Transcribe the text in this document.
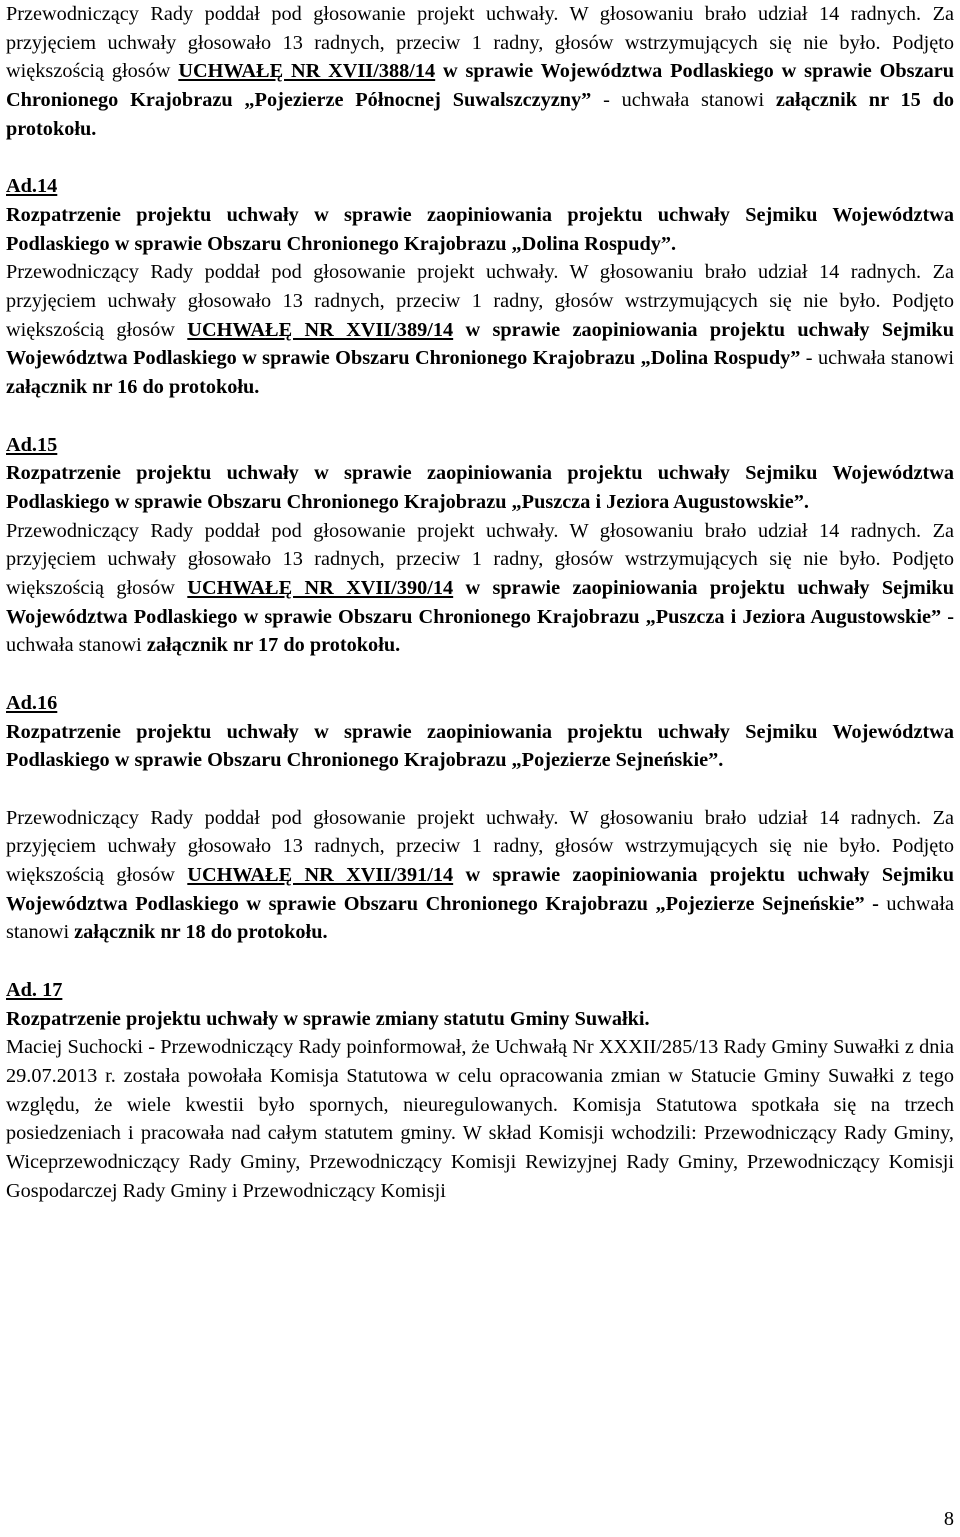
Przewodniczący Rady poddał pod głosowanie projekt uchwały. W głosowaniu brało udział 14 radnych. Za przyjęciem uchwały głosowało 13 radnych, przeciw 1 radny, głosów wstrzymujących się nie było. Podjęto większością głosów UCHWAŁĘ NR XVII/388/14 w sprawie Województwa Podlaskiego w sprawie Obszaru Chronionego Krajobrazu „Pojezierze Północnej Suwalszczyzny” - uchwała stanowi załącznik nr 15 do protokołu.

Ad.14
Rozpatrzenie projektu uchwały w sprawie zaopiniowania projektu uchwały Sejmiku Województwa Podlaskiego w sprawie Obszaru Chronionego Krajobrazu „Dolina Rospudy”.
Przewodniczący Rady poddał pod głosowanie projekt uchwały. W głosowaniu brało udział 14 radnych. Za przyjęciem uchwały głosowało 13 radnych, przeciw 1 radny, głosów wstrzymujących się nie było. Podjęto większością głosów UCHWAŁĘ NR XVII/389/14 w sprawie zaopiniowania projektu uchwały Sejmiku Województwa Podlaskiego w sprawie Obszaru Chronionego Krajobrazu „Dolina Rospudy” - uchwała stanowi załącznik nr 16 do protokołu.

Ad.15
Rozpatrzenie projektu uchwały w sprawie zaopiniowania projektu uchwały Sejmiku Województwa Podlaskiego w sprawie Obszaru Chronionego Krajobrazu „Puszcza i Jeziora Augustowskie”.
Przewodniczący Rady poddał pod głosowanie projekt uchwały. W głosowaniu brało udział 14 radnych. Za przyjęciem uchwały głosowało 13 radnych, przeciw 1 radny, głosów wstrzymujących się nie było. Podjęto większością głosów UCHWAŁĘ NR XVII/390/14 w sprawie zaopiniowania projektu uchwały Sejmiku Województwa Podlaskiego w sprawie Obszaru Chronionego Krajobrazu „Puszcza i Jeziora Augustowskie” - uchwała stanowi załącznik nr 17 do protokołu.

Ad.16
Rozpatrzenie projektu uchwały w sprawie zaopiniowania projektu uchwały Sejmiku Województwa Podlaskiego w sprawie Obszaru Chronionego Krajobrazu „Pojezierze Sejneńskie”.

Przewodniczący Rady poddał pod głosowanie projekt uchwały. W głosowaniu brało udział 14 radnych. Za przyjęciem uchwały głosowało 13 radnych, przeciw 1 radny, głosów wstrzymujących się nie było. Podjęto większością głosów UCHWAŁĘ NR XVII/391/14 w sprawie zaopiniowania projektu uchwały Sejmiku Województwa Podlaskiego w sprawie Obszaru Chronionego Krajobrazu „Pojezierze Sejneńskie” - uchwała stanowi załącznik nr 18 do protokołu.

Ad. 17
Rozpatrzenie projektu uchwały w sprawie zmiany statutu Gminy Suwałki.
Maciej Suchocki - Przewodniczący Rady poinformował, że Uchwałą Nr XXXII/285/13 Rady Gminy Suwałki z dnia 29.07.2013 r. została powołała Komisja Statutowa w celu opracowania zmian w Statucie Gminy Suwałki z tego względu, że wiele kwestii było spornych, nieuregulowanych. Komisja Statutowa spotkała się na trzech posiedzeniach i pracowała nad całym statutem gminy. W skład Komisji wchodzili: Przewodniczący Rady Gminy, Wiceprzewodniczący Rady Gminy, Przewodniczący Komisji Rewizyjnej Rady Gminy, Przewodniczący Komisji Gospodarczej Rady Gminy i Przewodniczący Komisji

8
